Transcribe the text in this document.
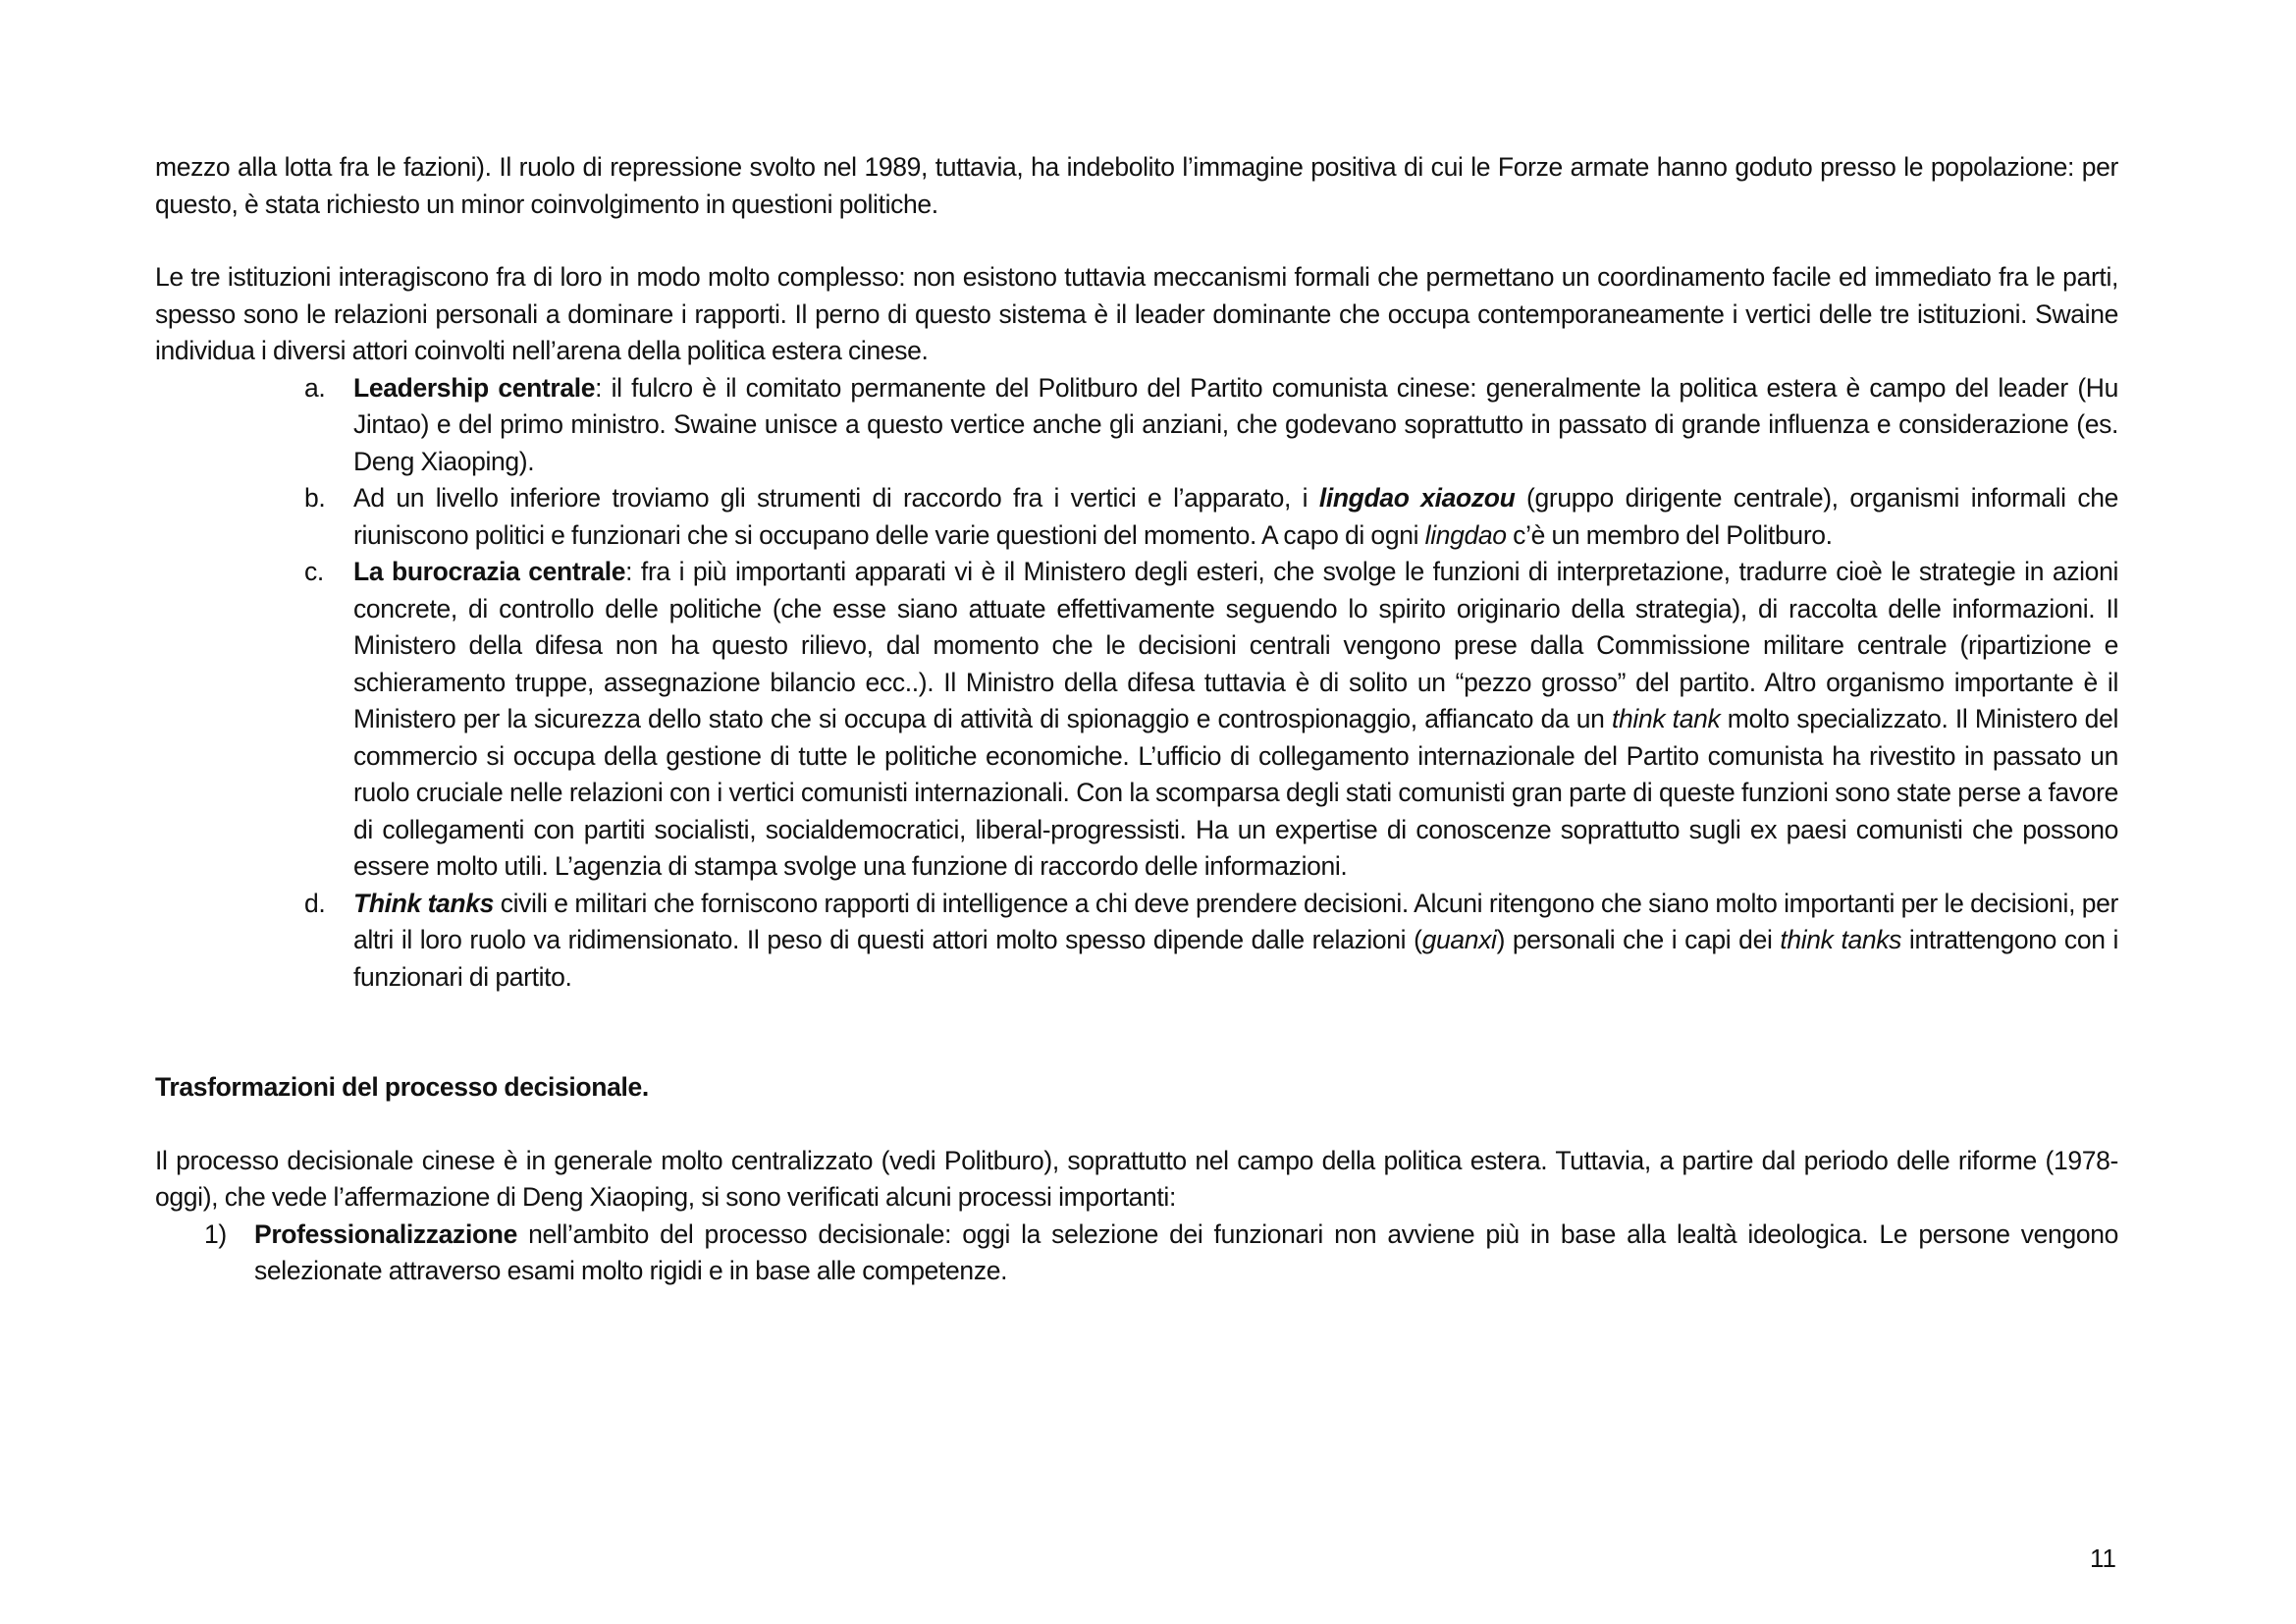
mezzo alla lotta fra le fazioni). Il ruolo di repressione svolto nel 1989, tuttavia, ha indebolito l’immagine positiva di cui le Forze armate hanno goduto presso le popolazione: per questo, è stata richiesto un minor coinvolgimento in questioni politiche.

Le tre istituzioni interagiscono fra di loro in modo molto complesso: non esistono tuttavia meccanismi formali che permettano un coordinamento facile ed immediato fra le parti, spesso sono le relazioni personali a dominare i rapporti. Il perno di questo sistema è il leader dominante che occupa contemporaneamente i vertici delle tre istituzioni. Swaine individua i diversi attori coinvolti nell’arena della politica estera cinese.

a. Leadership centrale: il fulcro è il comitato permanente del Politburo del Partito comunista cinese: generalmente la politica estera è campo del leader (Hu Jintao) e del primo ministro. Swaine unisce a questo vertice anche gli anziani, che godevano soprattutto in passato di grande influenza e considerazione (es. Deng Xiaoping).
b. Ad un livello inferiore troviamo gli strumenti di raccordo fra i vertici e l’apparato, i lingdao xiaozou (gruppo dirigente centrale), organismi informali che riuniscono politici e funzionari che si occupano delle varie questioni del momento. A capo di ogni lingdao c’è un membro del Politburo.
c. La burocrazia centrale: fra i più importanti apparati vi è il Ministero degli esteri, che svolge le funzioni di interpretazione, tradurre cioè le strategie in azioni concrete, di controllo delle politiche (che esse siano attuate effettivamente seguendo lo spirito originario della strategia), di raccolta delle informazioni. Il Ministero della difesa non ha questo rilievo, dal momento che le decisioni centrali vengono prese dalla Commissione militare centrale (ripartizione e schieramento truppe, assegnazione bilancio ecc..). Il Ministro della difesa tuttavia è di solito un “pezzo grosso” del partito. Altro organismo importante è il Ministero per la sicurezza dello stato che si occupa di attività di spionaggio e controspionaggio, affiancato da un think tank molto specializzato. Il Ministero del commercio si occupa della gestione di tutte le politiche economiche. L’ufficio di collegamento internazionale del Partito comunista ha rivestito in passato un ruolo cruciale nelle relazioni con i vertici comunisti internazionali. Con la scomparsa degli stati comunisti gran parte di queste funzioni sono state perse a favore di collegamenti con partiti socialisti, socialdemocratici, liberal-progressisti. Ha un expertise di conoscenze soprattutto sugli ex paesi comunisti che possono essere molto utili. L’agenzia di stampa svolge una funzione di raccordo delle informazioni.
d. Think tanks civili e militari che forniscono rapporti di intelligence a chi deve prendere decisioni. Alcuni ritengono che siano molto importanti per le decisioni, per altri il loro ruolo va ridimensionato. Il peso di questi attori molto spesso dipende dalle relazioni (guanxi) personali che i capi dei think tanks intrattengono con i funzionari di partito.

Trasformazioni del processo decisionale.

Il processo decisionale cinese è in generale molto centralizzato (vedi Politburo), soprattutto nel campo della politica estera. Tuttavia, a partire dal periodo delle riforme (1978-oggi), che vede l’affermazione di Deng Xiaoping, si sono verificati alcuni processi importanti:

1) Professionalizzazione nell’ambito del processo decisionale: oggi la selezione dei funzionari non avviene più in base alla lealtà ideologica. Le persone vengono selezionate attraverso esami molto rigidi e in base alle competenze.
11
